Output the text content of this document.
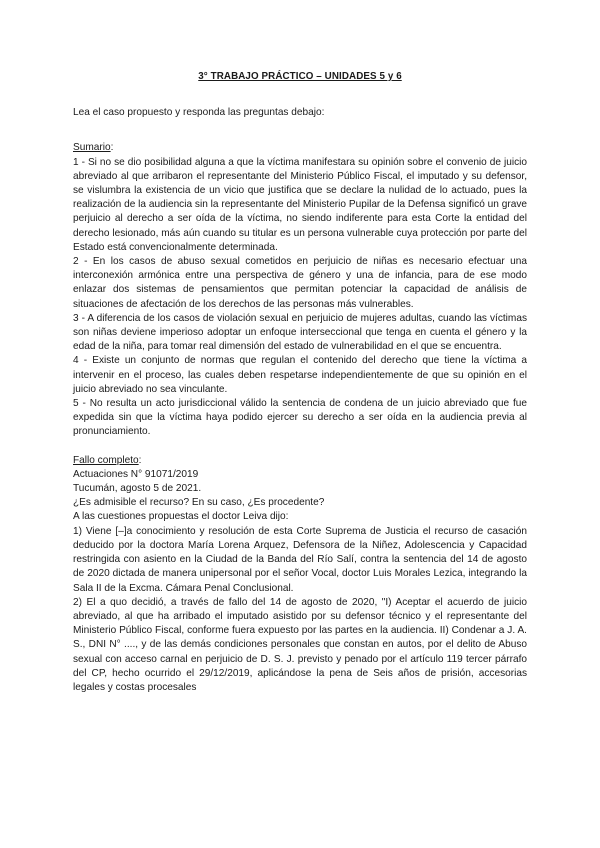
3° TRABAJO PRÁCTICO – UNIDADES 5 y 6

Lea el caso propuesto y responda las preguntas debajo:

Sumario:

1 - Si no se dio posibilidad alguna a que la víctima manifestara su opinión sobre el convenio de juicio abreviado al que arribaron el representante del Ministerio Público Fiscal, el imputado y su defensor, se vislumbra la existencia de un vicio que justifica que se declare la nulidad de lo actuado, pues la realización de la audiencia sin la representante del Ministerio Pupilar de la Defensa significó un grave perjuicio al derecho a ser oída de la víctima, no siendo indiferente para esta Corte la entidad del derecho lesionado, más aún cuando su titular es un persona vulnerable cuya protección por parte del Estado está convencionalmente determinada.

2 - En los casos de abuso sexual cometidos en perjuicio de niñas es necesario efectuar una interconexión armónica entre una perspectiva de género y una de infancia, para de ese modo enlazar dos sistemas de pensamientos que permitan potenciar la capacidad de análisis de situaciones de afectación de los derechos de las personas más vulnerables.

3 - A diferencia de los casos de violación sexual en perjuicio de mujeres adultas, cuando las víctimas son niñas deviene imperioso adoptar un enfoque interseccional que tenga en cuenta el género y la edad de la niña, para tomar real dimensión del estado de vulnerabilidad en el que se encuentra.

4 - Existe un conjunto de normas que regulan el contenido del derecho que tiene la víctima a intervenir en el proceso, las cuales deben respetarse independientemente de que su opinión en el juicio abreviado no sea vinculante.

5 - No resulta un acto jurisdiccional válido la sentencia de condena de un juicio abreviado que fue expedida sin que la víctima haya podido ejercer su derecho a ser oída en la audiencia previa al pronunciamiento.

Fallo completo:

Actuaciones N° 91071/2019

Tucumán, agosto 5 de 2021.

¿Es admisible el recurso? En su caso, ¿Es procedente?

A las cuestiones propuestas el doctor Leiva dijo:

1) Viene [–]a conocimiento y resolución de esta Corte Suprema de Justicia el recurso de casación deducido por la doctora María Lorena Arquez, Defensora de la Niñez, Adolescencia y Capacidad restringida con asiento en la Ciudad de la Banda del Río Salí, contra la sentencia del 14 de agosto de 2020 dictada de manera unipersonal por el señor Vocal, doctor Luis Morales Lezica, integrando la Sala II de la Excma. Cámara Penal Conclusional.

2) El a quo decidió, a través de fallo del 14 de agosto de 2020, "I) Aceptar el acuerdo de juicio abreviado, al que ha arribado el imputado asistido por su defensor técnico y el representante del Ministerio Público Fiscal, conforme fuera expuesto por las partes en la audiencia. II) Condenar a J. A. S., DNI N° ...., y de las demás condiciones personales que constan en autos, por el delito de Abuso sexual con acceso carnal en perjuicio de D. S. J. previsto y penado por el artículo 119 tercer párrafo del CP, hecho ocurrido el 29/12/2019, aplicándose la pena de Seis años de prisión, accesorias legales y costas procesales
